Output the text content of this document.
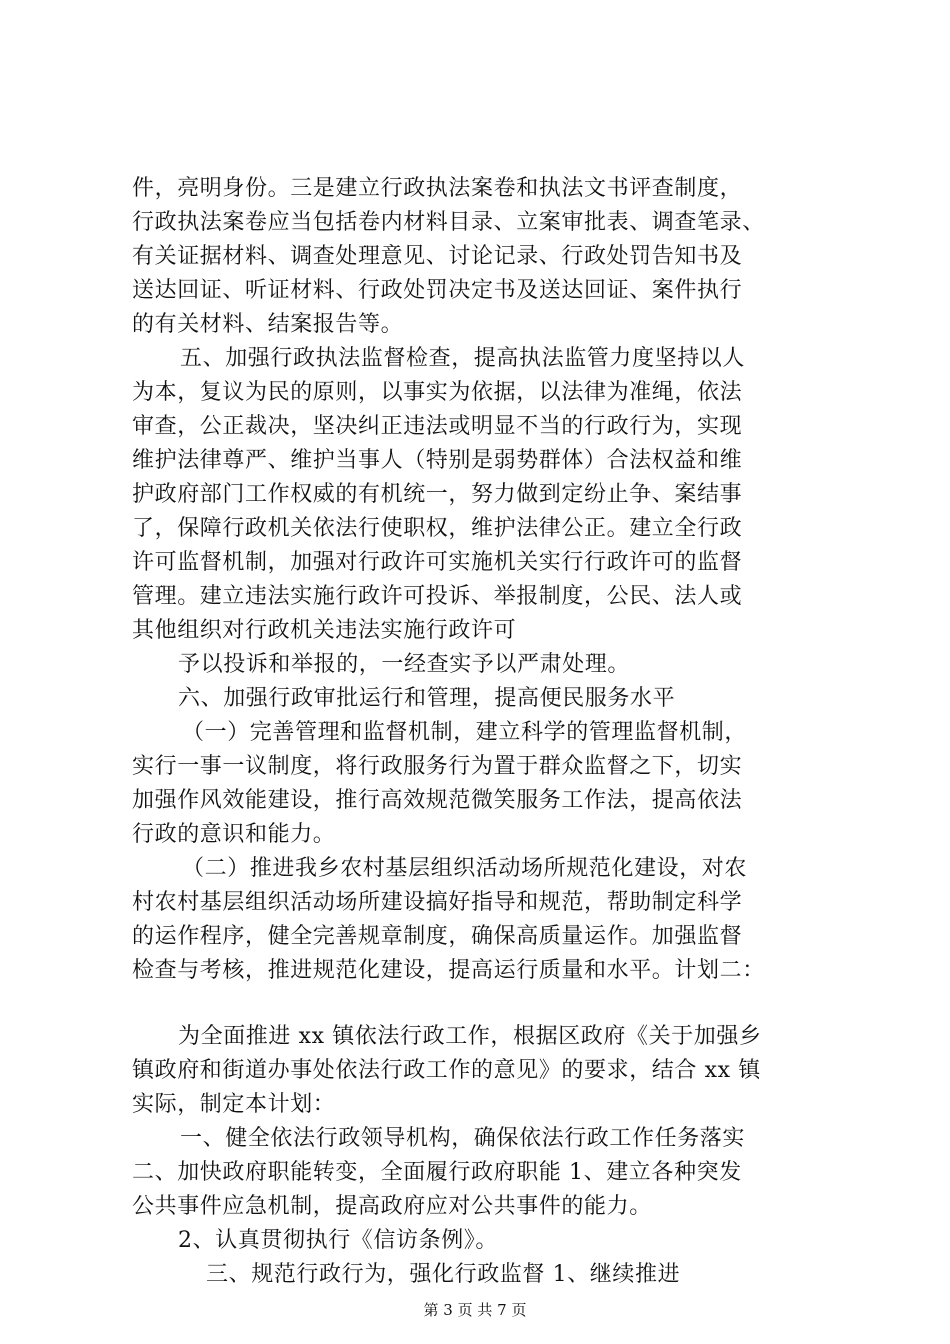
件，亮明身份。三是建立行政执法案卷和执法文书评查制度，
行政执法案卷应当包括卷内材料目录、立案审批表、调查笔录、
有关证据材料、调查处理意见、讨论记录、行政处罚告知书及
送达回证、听证材料、行政处罚决定书及送达回证、案件执行
的有关材料、结案报告等。
五、加强行政执法监督检查，提高执法监管力度坚持以人
为本，复议为民的原则，以事实为依据，以法律为准绳，依法
审查，公正裁决，坚决纠正违法或明显不当的行政行为，实现
维护法律尊严、维护当事人（特别是弱势群体）合法权益和维
护政府部门工作权威的有机统一，努力做到定纷止争、案结事
了，保障行政机关依法行使职权，维护法律公正。建立全行政
许可监督机制，加强对行政许可实施机关实行行政许可的监督
管理。建立违法实施行政许可投诉、举报制度，公民、法人或
其他组织对行政机关违法实施行政许可
予以投诉和举报的，一经查实予以严肃处理。
六、加强行政审批运行和管理，提高便民服务水平
（一）完善管理和监督机制，建立科学的管理监督机制，
实行一事一议制度，将行政服务行为置于群众监督之下，切实
加强作风效能建设，推行高效规范微笑服务工作法，提高依法
行政的意识和能力。
（二）推进我乡农村基层组织活动场所规范化建设，对农
村农村基层组织活动场所建设搞好指导和规范，帮助制定科学
的运作程序，健全完善规章制度，确保高质量运作。加强监督
检查与考核，推进规范化建设，提高运行质量和水平。计划二：
为全面推进 xx 镇依法行政工作，根据区政府《关于加强乡
镇政府和街道办事处依法行政工作的意见》的要求，结合 xx 镇
实际，制定本计划：
一、健全依法行政领导机构，确保依法行政工作任务落实
二、加快政府职能转变，全面履行政府职能 1、建立各种突发
公共事件应急机制，提高政府应对公共事件的能力。
2、认真贯彻执行《信访条例》。
三、规范行政行为，强化行政监督 1、继续推进
第 3 页 共 7 页
